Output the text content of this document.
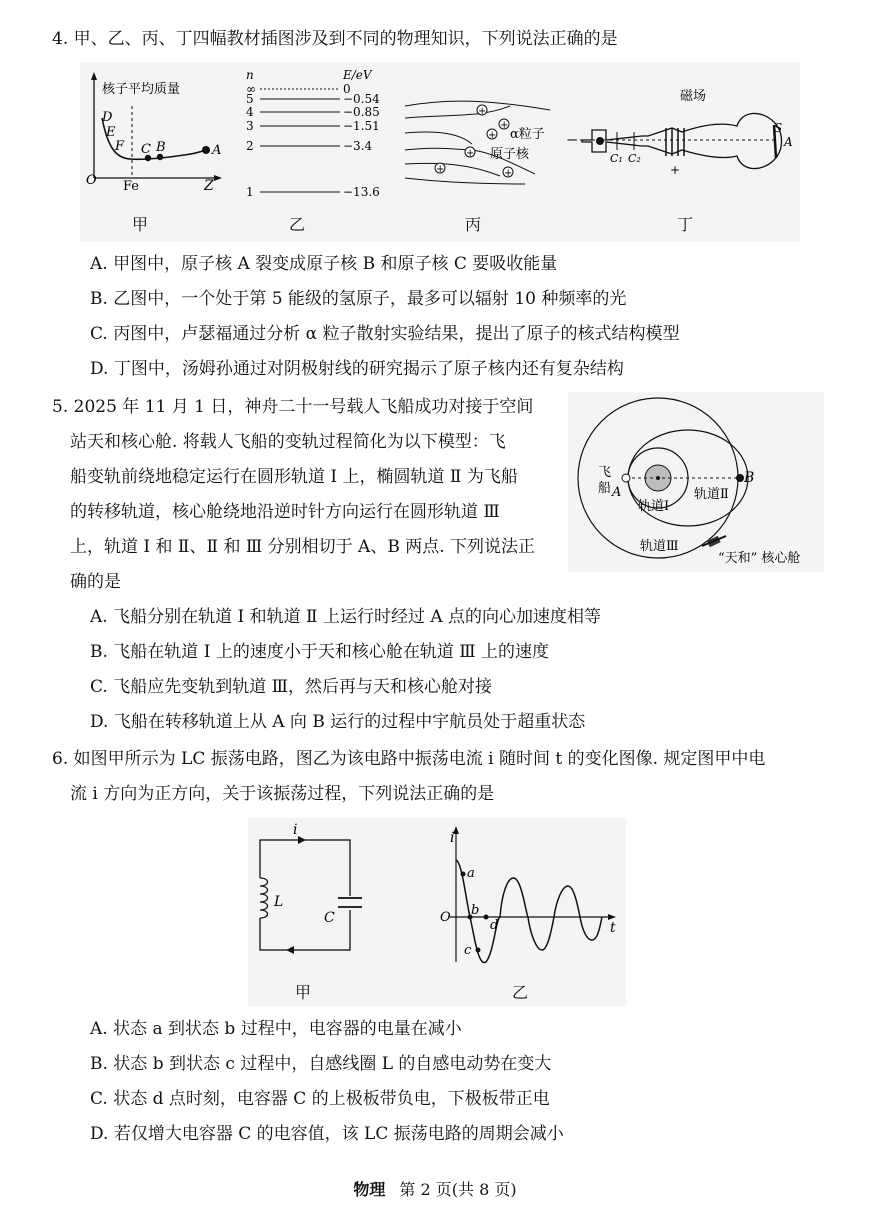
4. 甲、乙、丙、丁四幅教材插图涉及到不同的物理知识，下列说法正确的是
核子平均质量
D
E
F C B	A
O Fe	Z
n	E/eV
∞
5
4
3
2
1
0
−0.54
−0.85
−1.51
−3.4
−13.6
+
+
+
+
+	+
α粒子
原子核
−
+
磁场
C₁ C₂
S
A
甲	乙	丙	丁
A. 甲图中，原子核 A 裂变成原子核 B 和原子核 C 要吸收能量
B. 乙图中，一个处于第 5 能级的氢原子，最多可以辐射 10 种频率的光
C. 丙图中，卢瑟福通过分析 α 粒子散射实验结果，提出了原子的核式结构模型
D. 丁图中，汤姆孙通过对阴极射线的研究揭示了原子核内还有复杂结构
5. 2025 年 11 月 1 日，神舟二十一号载人飞船成功对接于空间
站天和核心舱. 将载人飞船的变轨过程简化为以下模型：飞
船变轨前绕地稳定运行在圆形轨道 Ⅰ 上，椭圆轨道 Ⅱ 为飞船
的转移轨道，核心舱绕地沿逆时针方向运行在圆形轨道 Ⅲ
上，轨道 Ⅰ 和 Ⅱ、Ⅱ 和 Ⅲ 分别相切于 A、B 两点. 下列说法正
确的是
飞
船 A
B
轨道Ⅰ
轨道Ⅱ
轨道Ⅲ
“天和” 核心舱
A. 飞船分别在轨道 Ⅰ 和轨道 Ⅱ 上运行时经过 A 点的向心加速度相等
B. 飞船在轨道 Ⅰ 上的速度小于天和核心舱在轨道 Ⅲ 上的速度
C. 飞船应先变轨到轨道 Ⅲ，然后再与天和核心舱对接
D. 飞船在转移轨道上从 A 向 B 运行的过程中宇航员处于超重状态
6. 如图甲所示为 LC 振荡电路，图乙为该电路中振荡电流 i 随时间 t 的变化图像. 规定图甲中电
流 i 方向为正方向，关于该振荡过程，下列说法正确的是
i
L
C
i
t
O
a
b
c
d
甲	乙
A. 状态 a 到状态 b 过程中，电容器的电量在减小
B. 状态 b 到状态 c 过程中，自感线圈 L 的自感电动势在变大
C. 状态 d 点时刻，电容器 C 的上极板带负电，下极板带正电
D. 若仅增大电容器 C 的电容值，该 LC 振荡电路的周期会减小
物理 第 2 页(共 8 页)
